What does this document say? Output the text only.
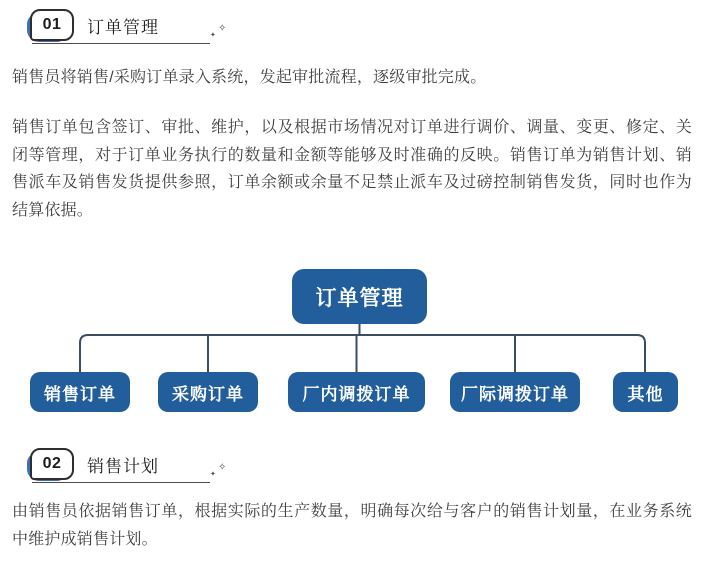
01 订单管理	✦
✧

销售员将销售/采购订单录入系统，发起审批流程，逐级审批完成。

销售订单包含签订、审批、维护，以及根据市场情况对订单进行调价、调量、变更、修定、关闭等管理，对于订单业务执行的数量和金额等能够及时准确的反映。销售订单为销售计划、销售派车及销售发货提供参照，订单余额或余量不足禁止派车及过磅控制销售发货，同时也作为结算依据。

订单管理
销售订单	采购订单	厂内调拨订单	厂际调拨订单	其他
02 销售计划	✦
✧

由销售员依据销售订单，根据实际的生产数量，明确每次给与客户的销售计划量，在业务系统中维护成销售计划。
